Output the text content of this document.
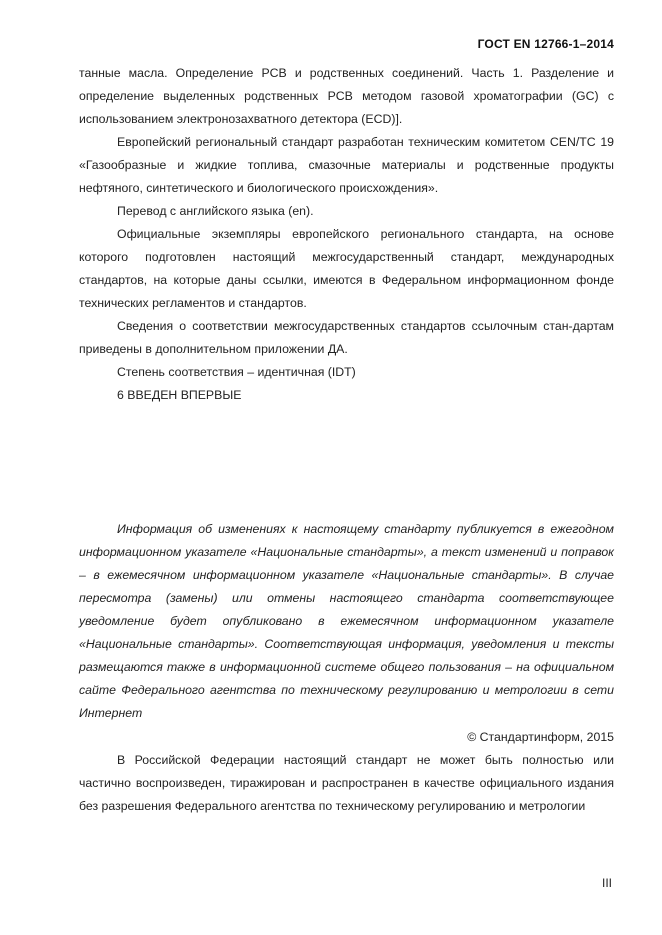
ГОСТ EN 12766-1–2014

танные масла. Определение PCB и родственных соединений. Часть 1. Разделение и определение выделенных родственных PCB методом газовой хроматографии (GC) с использованием электронозахватного детектора (ECD)].

Европейский региональный стандарт разработан техническим комитетом CEN/TC 19 «Газообразные и жидкие топлива, смазочные материалы и родственные продукты нефтяного, синтетического и биологического происхождения».

Перевод с английского языка (en).

Официальные экземпляры европейского регионального стандарта, на основе которого подготовлен настоящий межгосударственный стандарт, международных стандартов, на которые даны ссылки, имеются в Федеральном информационном фонде технических регламентов и стандартов.

Сведения о соответствии межгосударственных стандартов ссылочным стан-дартам приведены в дополнительном приложении ДА.

Степень соответствия – идентичная (IDT)

6 ВВЕДЕН ВПЕРВЫЕ

Информация об изменениях к настоящему стандарту публикуется в ежегодном информационном указателе «Национальные стандарты», а текст изменений и поправок – в ежемесячном информационном указателе «Национальные стандарты». В случае пересмотра (замены) или отмены настоящего стандарта соответствующее уведомление будет опубликовано в ежемесячном информационном указателе «Национальные стандарты». Соответствующая информация, уведомления и тексты размещаются также в информационной системе общего пользования – на официальном сайте Федерального агентства по техническому регулированию и метрологии в сети Интернет

© Стандартинформ, 2015

В Российской Федерации настоящий стандарт не может быть полностью или частично воспроизведен, тиражирован и распространен в качестве официального издания без разрешения Федерального агентства по техническому регулированию и метрологии

III
